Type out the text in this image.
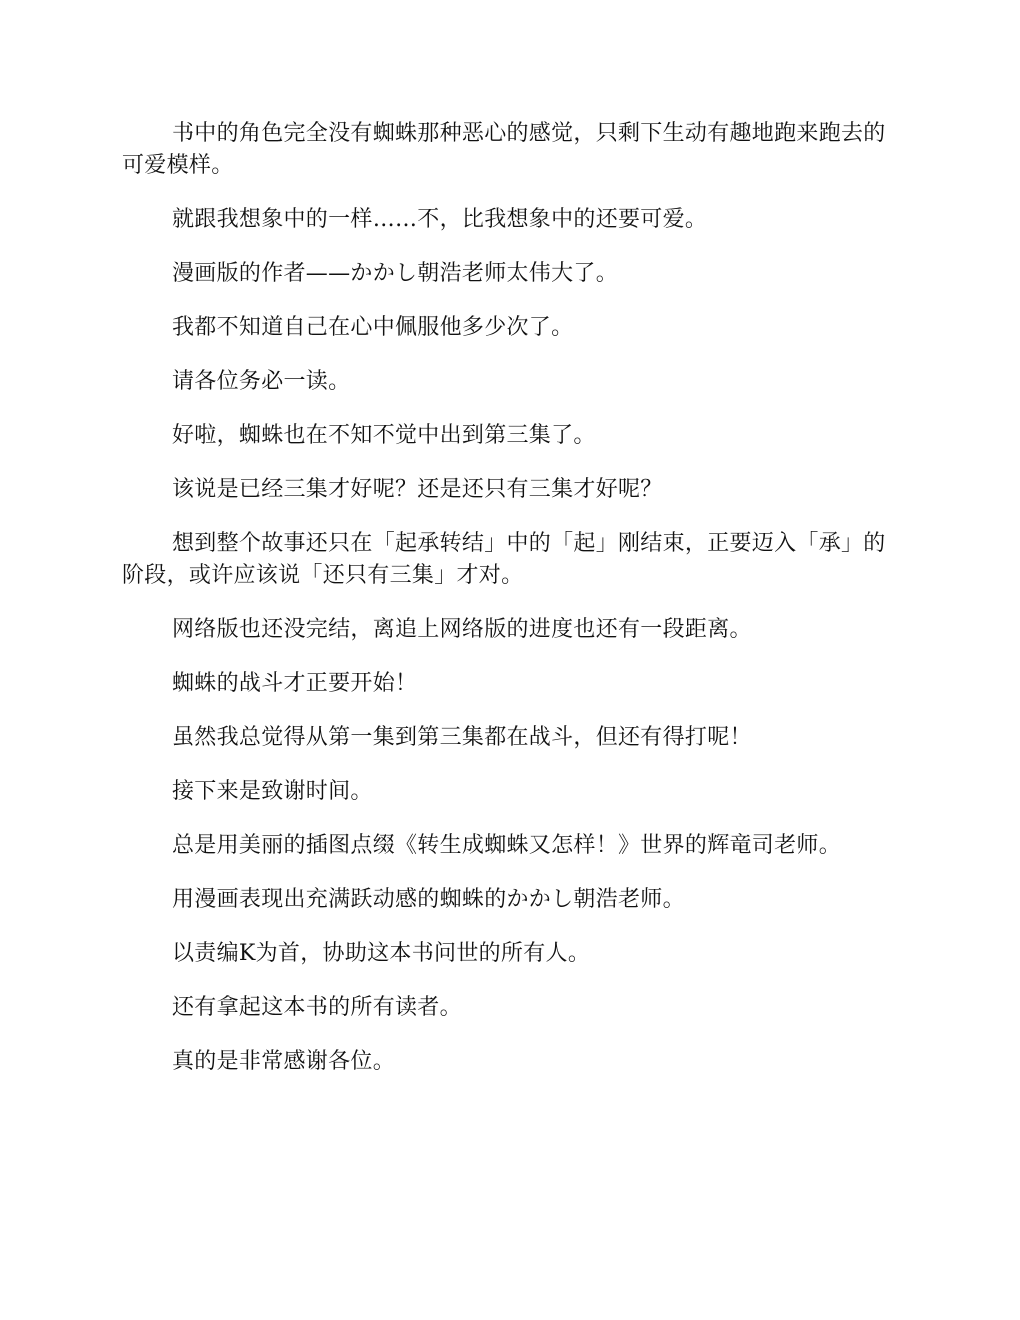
书中的角色完全没有蜘蛛那种恶心的感觉，只剩下生动有趣地跑来跑去的可爱模样。

就跟我想象中的一样……不，比我想象中的还要可爱。

漫画版的作者——かかし朝浩老师太伟大了。

我都不知道自己在心中佩服他多少次了。

请各位务必一读。

好啦，蜘蛛也在不知不觉中出到第三集了。

该说是已经三集才好呢？还是还只有三集才好呢？

想到整个故事还只在「起承转结」中的「起」刚结束，正要迈入「承」的阶段，或许应该说「还只有三集」才对。

网络版也还没完结，离追上网络版的进度也还有一段距离。

蜘蛛的战斗才正要开始！

虽然我总觉得从第一集到第三集都在战斗，但还有得打呢！

接下来是致谢时间。

总是用美丽的插图点缀《转生成蜘蛛又怎样！》世界的辉竜司老师。

用漫画表现出充满跃动感的蜘蛛的かかし朝浩老师。

以责编K为首，协助这本书问世的所有人。

还有拿起这本书的所有读者。

真的是非常感谢各位。
